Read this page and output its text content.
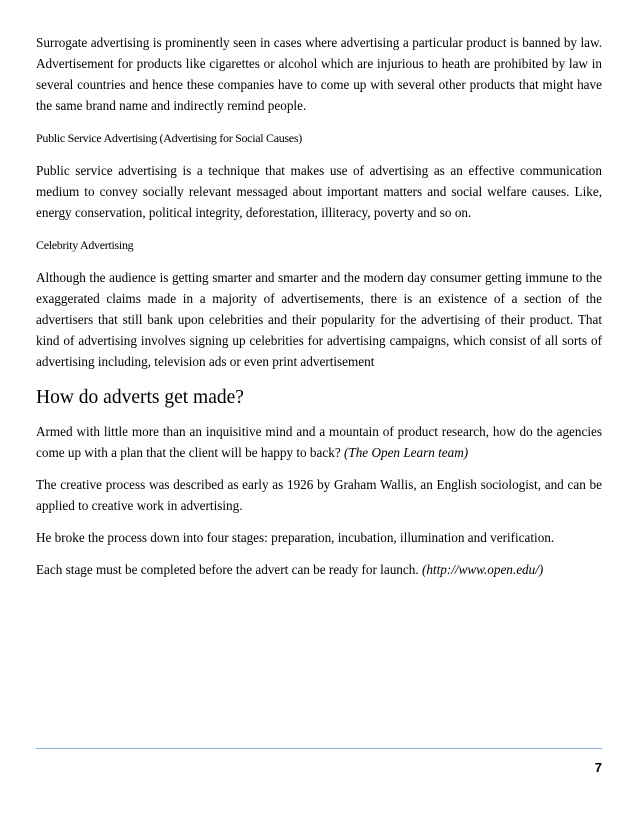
Surrogate advertising is prominently seen in cases where advertising a particular product is banned by law. Advertisement for products like cigarettes or alcohol which are injurious to heath are prohibited by law in several countries and hence these companies have to come up with several other products that might have the same brand name and indirectly remind people.

Public Service Advertising (Advertising for Social Causes)

Public service advertising is a technique that makes use of advertising as an effective communication medium to convey socially relevant messaged about important matters and social welfare causes. Like, energy conservation, political integrity, deforestation, illiteracy, poverty and so on.

Celebrity Advertising

Although the audience is getting smarter and smarter and the modern day consumer getting immune to the exaggerated claims made in a majority of advertisements, there is an existence of a section of the advertisers that still bank upon celebrities and their popularity for the advertising of their product. That kind of advertising involves signing up celebrities for advertising campaigns, which consist of all sorts of advertising including, television ads or even print advertisement

How do adverts get made?

Armed with little more than an inquisitive mind and a mountain of product research, how do the agencies come up with a plan that the client will be happy to back? (The Open Learn team)

The creative process was described as early as 1926 by Graham Wallis, an English sociologist, and can be applied to creative work in advertising.

He broke the process down into four stages: preparation, incubation, illumination and verification.

Each stage must be completed before the advert can be ready for launch. (http://www.open.edu/)

7
